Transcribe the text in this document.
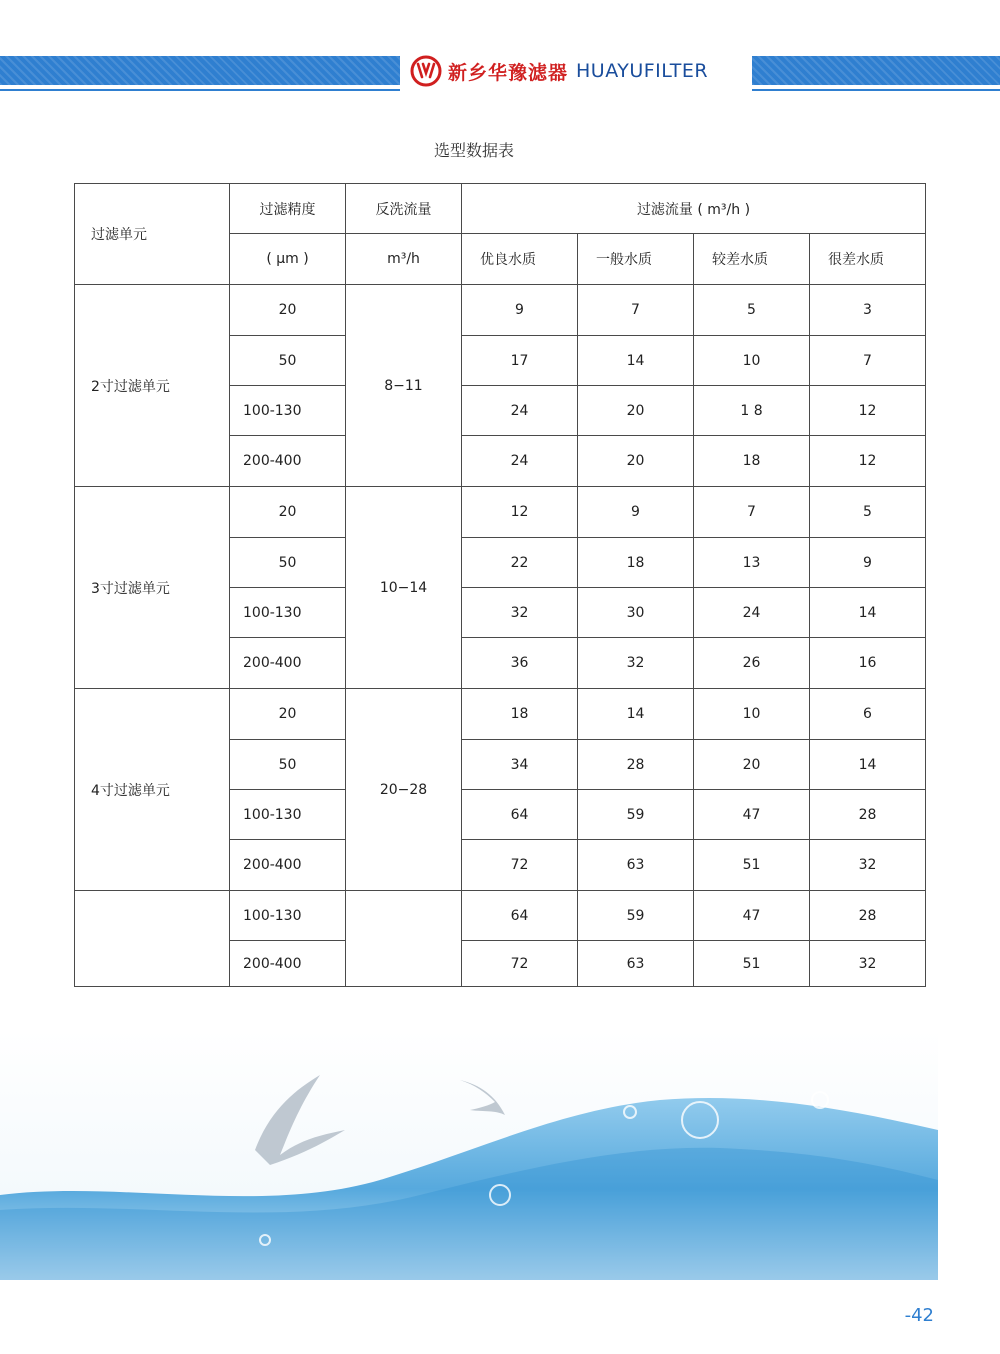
新乡华豫滤器 HUAYUFILTER
选型数据表
过滤单元	过滤精度	反洗流量	过滤流量 ( m³/h )			
	( μm )	m³/h	优良水质	一般水质	较差水质	很差水质
2寸过滤单元	20	8−11	9	7	5	3
	50		17	14	10	7
	100-130		24	20	1 8	12
	200-400		24	20	18	12
3寸过滤单元	20	10−14	12	9	7	5
	50		22	18	13	9
	100-130		32	30	24	14
	200-400		36	32	26	16
4寸过滤单元	20	20−28	18	14	10	6
	50		34	28	20	14
	100-130		64	59	47	28
	200-400		72	63	51	32
	100-130		64	59	47	28
	200-400		72	63	51	32
-42
